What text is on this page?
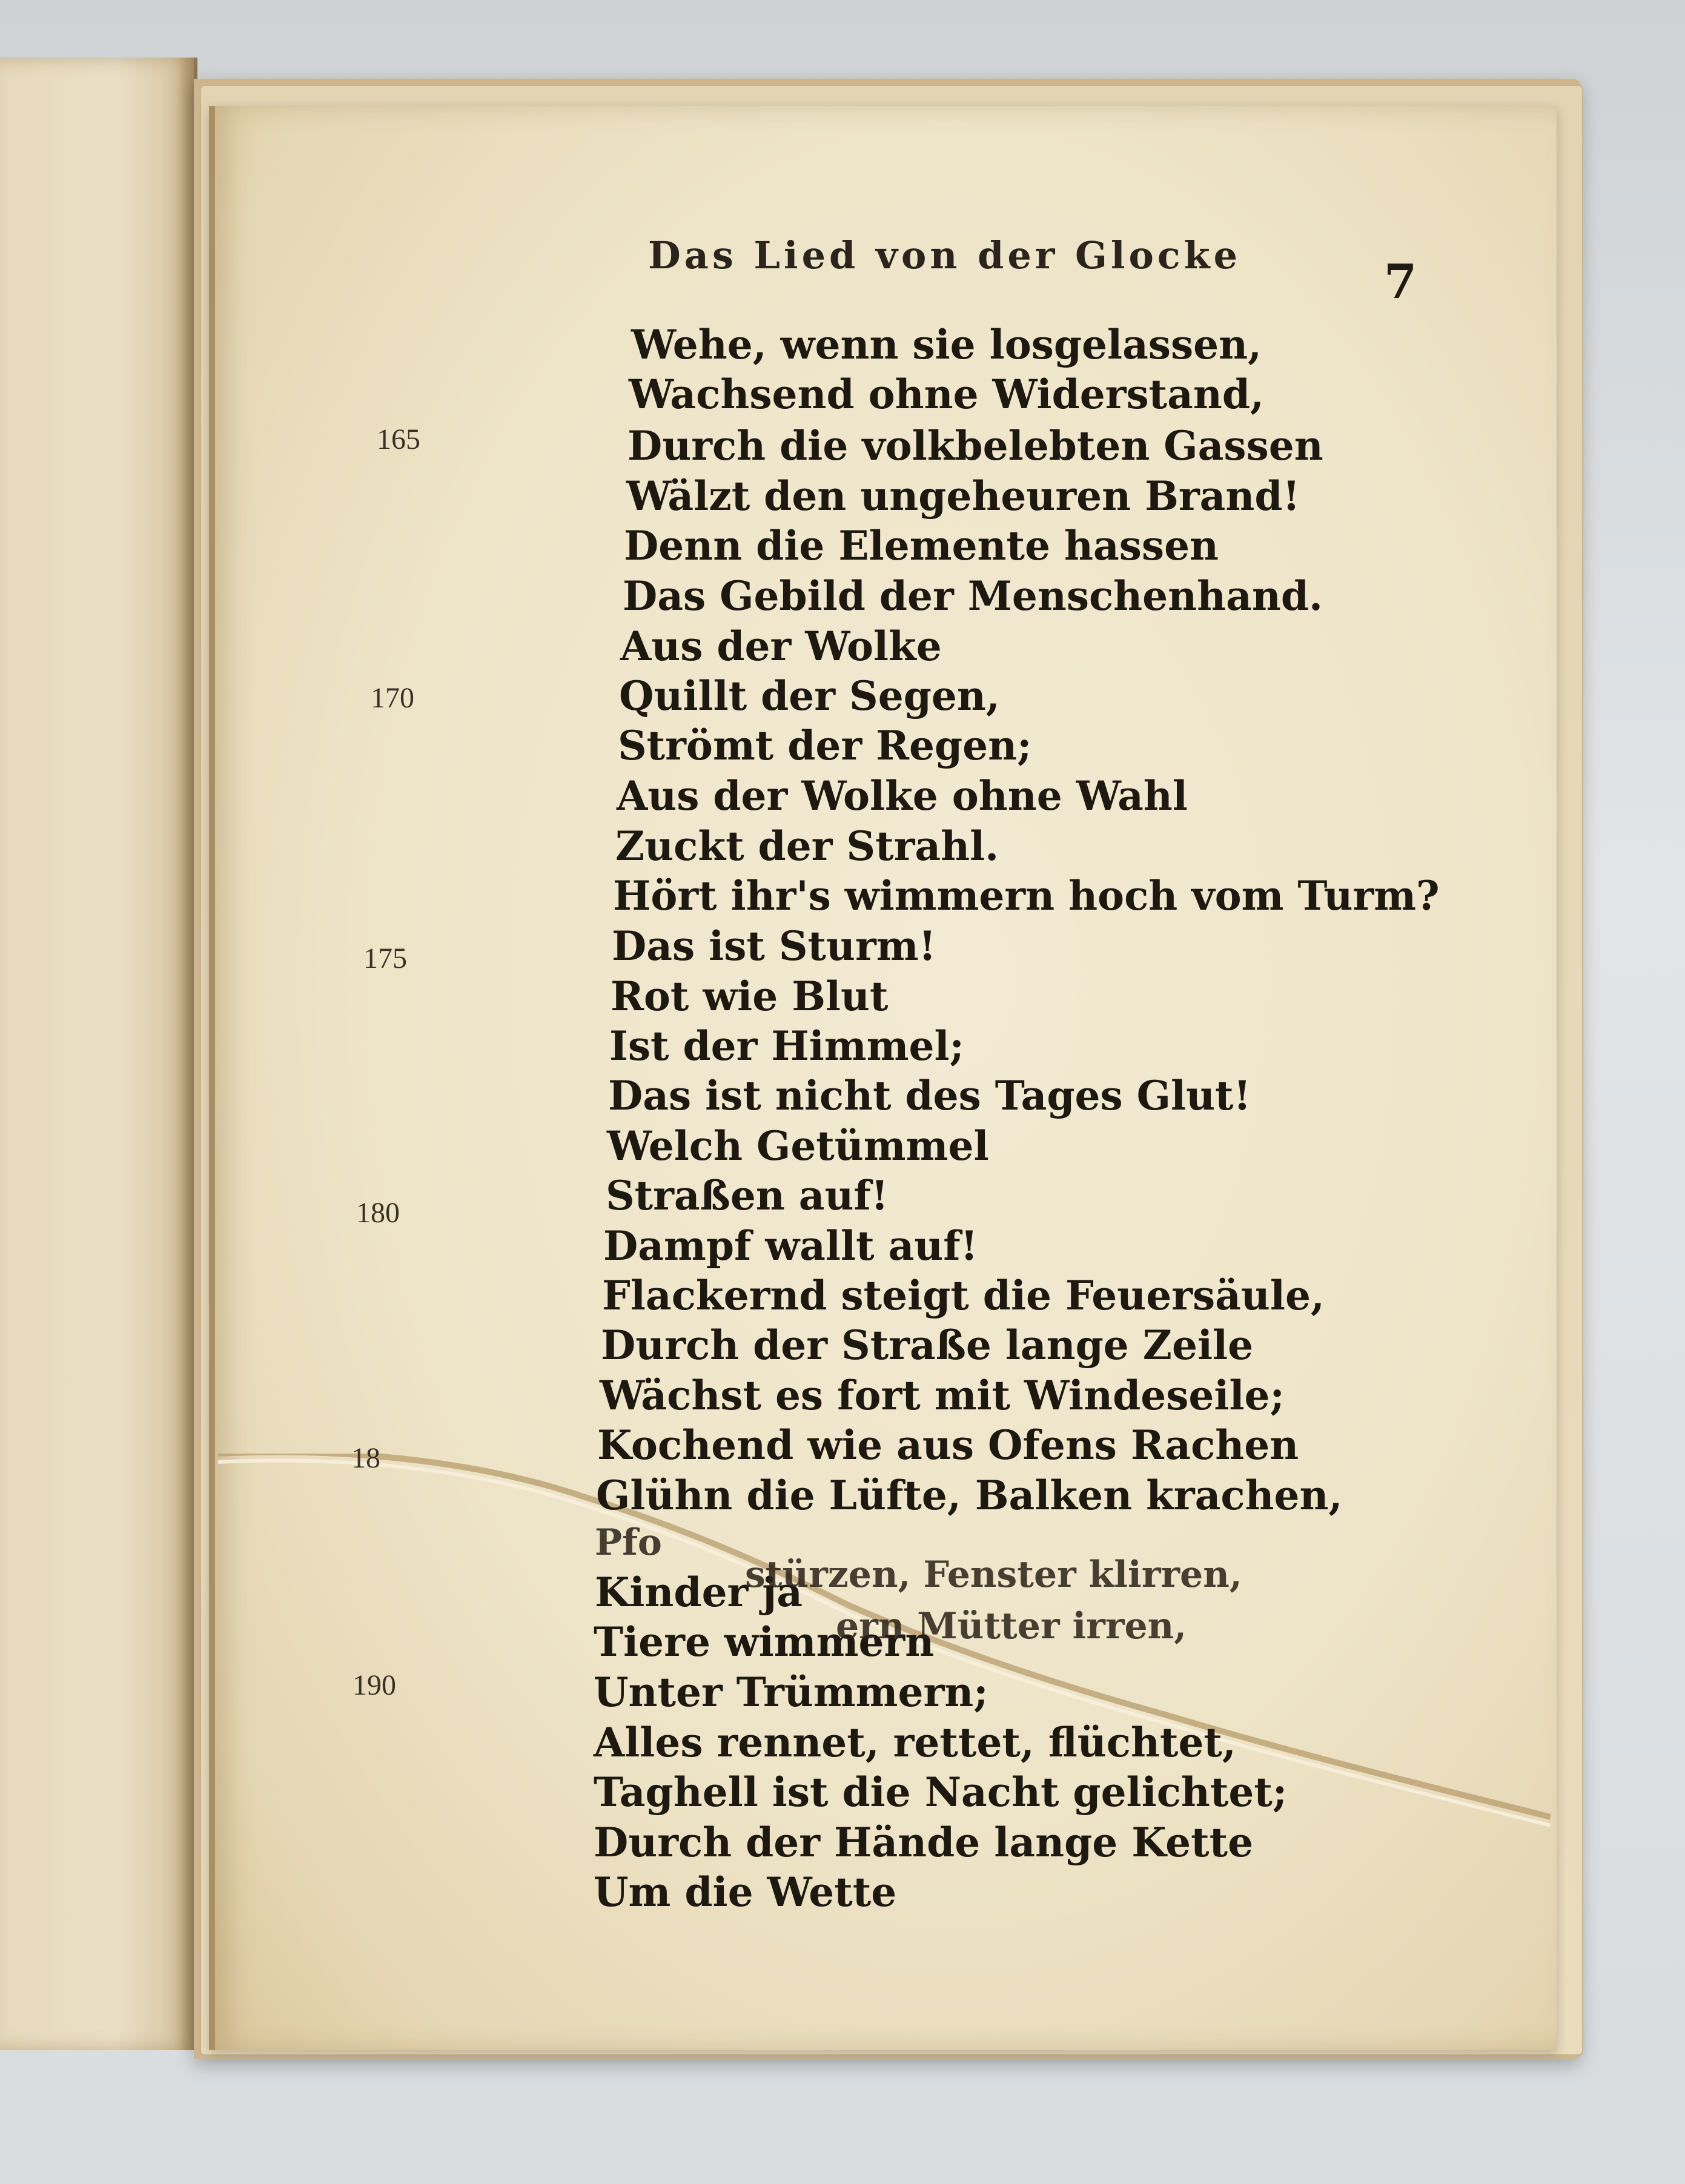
Das Lied von der Glocke	7
165
170
175
180
18
190
Wehe, wenn sie losgelassen,
Wachsend ohne Widerstand,
Durch die volkbelebten Gassen
Wälzt den ungeheuren Brand!
Denn die Elemente hassen
Das Gebild der Menschenhand.
Aus der Wolke
Quillt der Segen,
Strömt der Regen;
Aus der Wolke ohne Wahl
Zuckt der Strahl.
Hört ihr's wimmern hoch vom Turm?
Das ist Sturm!
Rot wie Blut
Ist der Himmel;
Das ist nicht des Tages Glut!
Welch Getümmel
Straßen auf!
Dampf wallt auf!
Flackernd steigt die Feuersäule,
Durch der Straße lange Zeile
Wächst es fort mit Windeseile;
Kochend wie aus Ofens Rachen
Glühn die Lüfte, Balken krachen,
Kinder ja
Tiere wimmern
Unter Trümmern;
Alles rennet, rettet, flüchtet,
Taghell ist die Nacht gelichtet;
Durch der Hände lange Kette
Um die Wette
Pfo
stürzen, Fenster klirren,
ern Mütter irren,
